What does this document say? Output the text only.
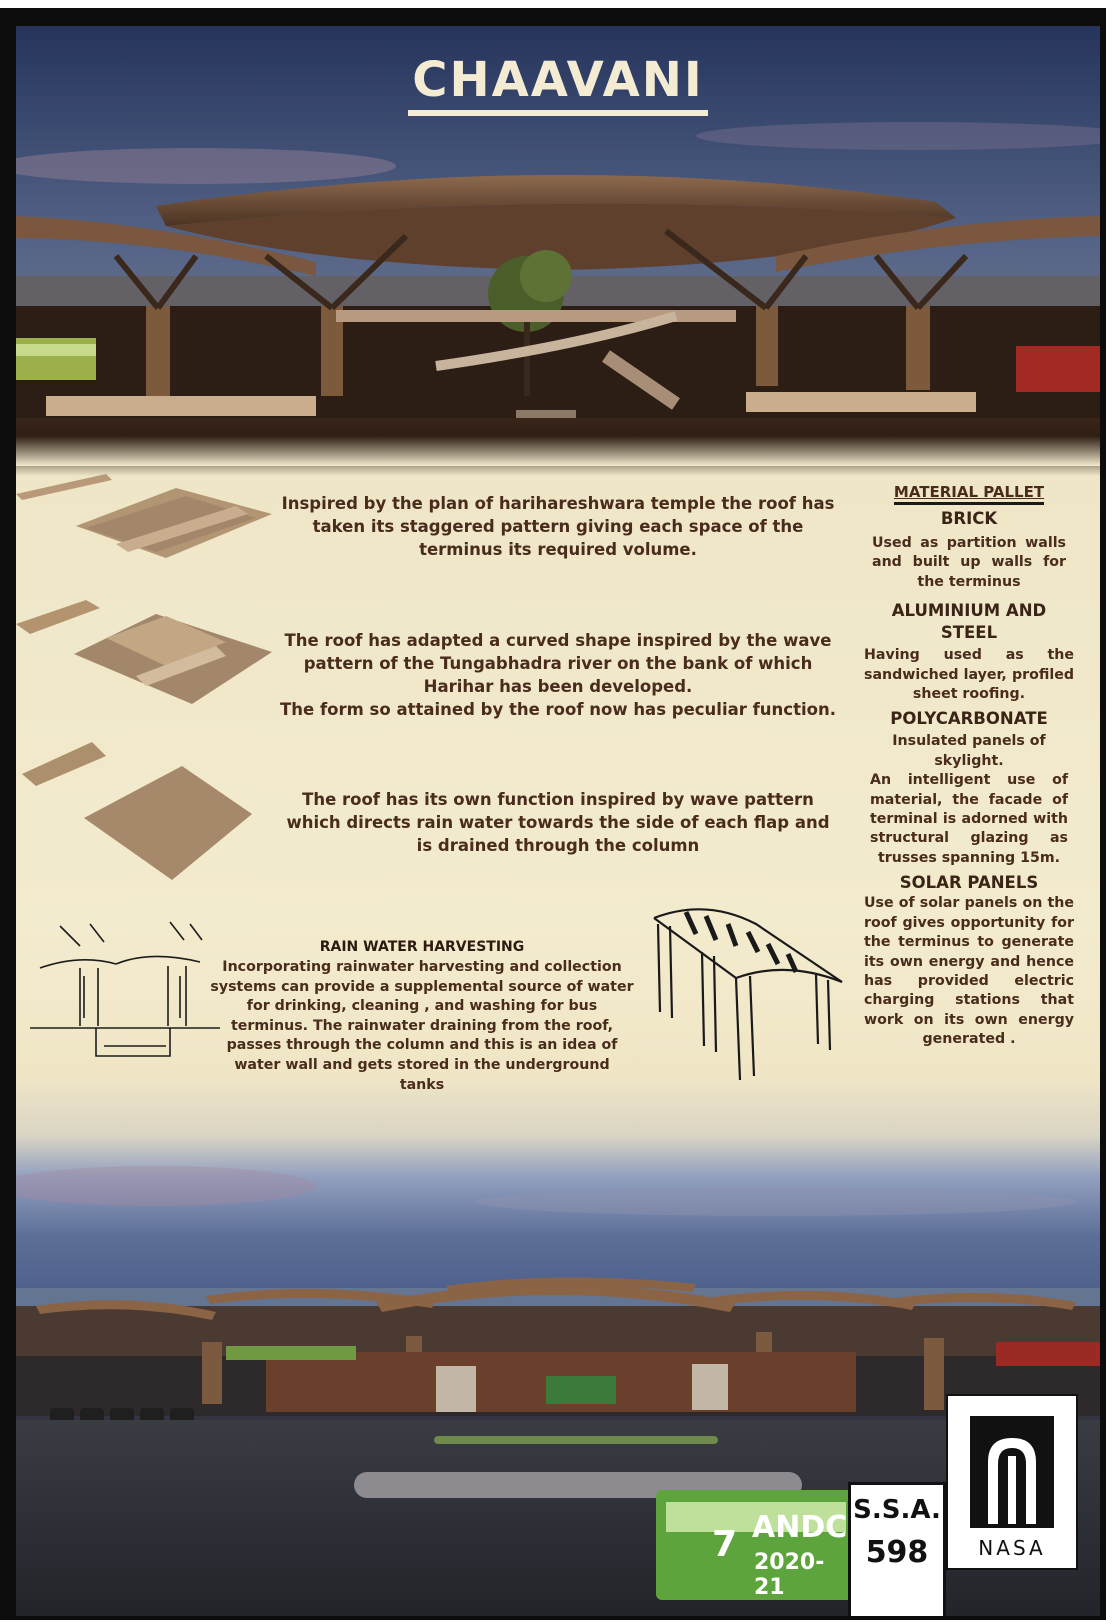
CHAAVANI
Inspired by the plan of harihareshwara temple the roof has taken its staggered pattern giving each space of the terminus its required volume.
The roof has adapted a curved shape inspired by the wave pattern of the Tungabhadra river on the bank of which Harihar has been developed.
The form so attained by the roof now has peculiar function.
The roof has its own function inspired by wave pattern which directs rain water towards the side of each flap and is drained through the column
RAIN WATER HARVESTING
Incorporating rainwater harvesting and collection systems can provide a supplemental source of water for drinking, cleaning , and washing for bus terminus. The rainwater draining from the roof, passes through the column and this is an idea of water wall and gets stored in the underground tanks
MATERIAL PALLET
BRICK
Used as partition walls and built up walls for the terminus
ALUMINIUM AND STEEL
Having used as the sandwiched layer, profiled sheet roofing.
POLYCARBONATE
Insulated panels of skylight.
An intelligent use of material, the facade of terminal is adorned with structural glazing as trusses spanning 15m.
SOLAR PANELS
Use of solar panels on the roof gives opportunity for the terminus to generate its own energy and hence has provided electric charging stations that work on its own energy generated .
7 ANDC
2020-21
S.S.A.
598	NASA
